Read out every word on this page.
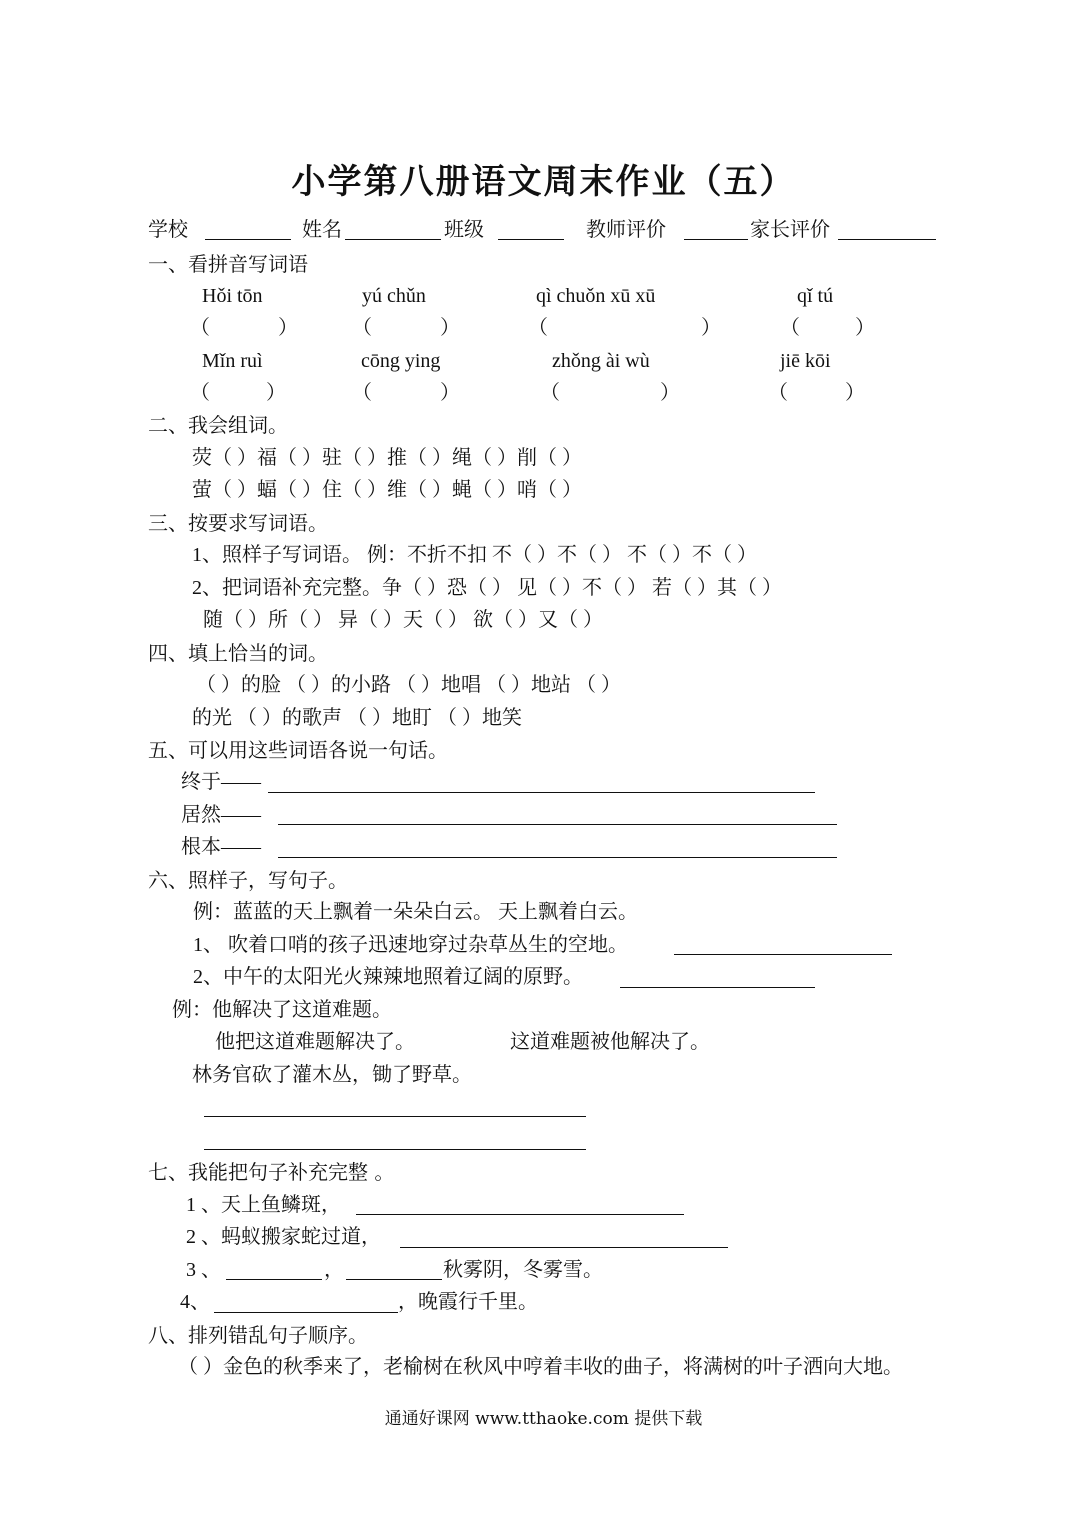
小学第八册语文周末作业（五）
学校	姓名	班级	教师评价	家长评价
一、看拼音写词语
Hǒi tōn	yú chǔn	qì chuǒn xū xū	qǐ tú
（	）	（	）	（	）	（	）
Mǐn ruì	cōng ying	zhǒng ài wù	jiē kōi
（	）	（	）	（	）	（	）
二、我会组词。
荧（ ）福（ ）驻（ ）推（ ）绳（ ）削（ ）
萤（ ）蝠（ ）住（ ）维（ ）蝇（ ）哨（ ）
三、按要求写词语。
1、照样子写词语。 例：不折不扣 不（ ）不（ ） 不（ ）不（ ）
2、把词语补充完整。争（ ）恐（ ） 见（ ）不（ ） 若（ ）其（ ）
随（ ）所（ ） 异（ ）天（ ） 欲（ ）又（ ）
四、填上恰当的词。
（ ）的脸 （ ）的小路 （ ）地唱 （ ）地站 （ ）
的光 （ ）的歌声 （ ）地盯 （ ）地笑
五、可以用这些词语各说一句话。
终于——
居然——
根本——
六、照样子，写句子。
例：蓝蓝的天上飘着一朵朵白云。 天上飘着白云。
1、 吹着口哨的孩子迅速地穿过杂草丛生的空地。
2、中午的太阳光火辣辣地照着辽阔的原野。
例：他解决了这道难题。
他把这道难题解决了。	这道难题被他解决了。
林务官砍了灌木丛，锄了野草。
七、我能把句子补充完整 。
1 、天上鱼鳞斑，
2 、蚂蚁搬家蛇过道，
3 、	，	秋雾阴，冬雾雪。
4、	，晚霞行千里。
八、排列错乱句子顺序。
（ ）金色的秋季来了，老榆树在秋风中哼着丰收的曲子，将满树的叶子洒向大地。
通通好课网 www.tthaoke.com 提供下载
